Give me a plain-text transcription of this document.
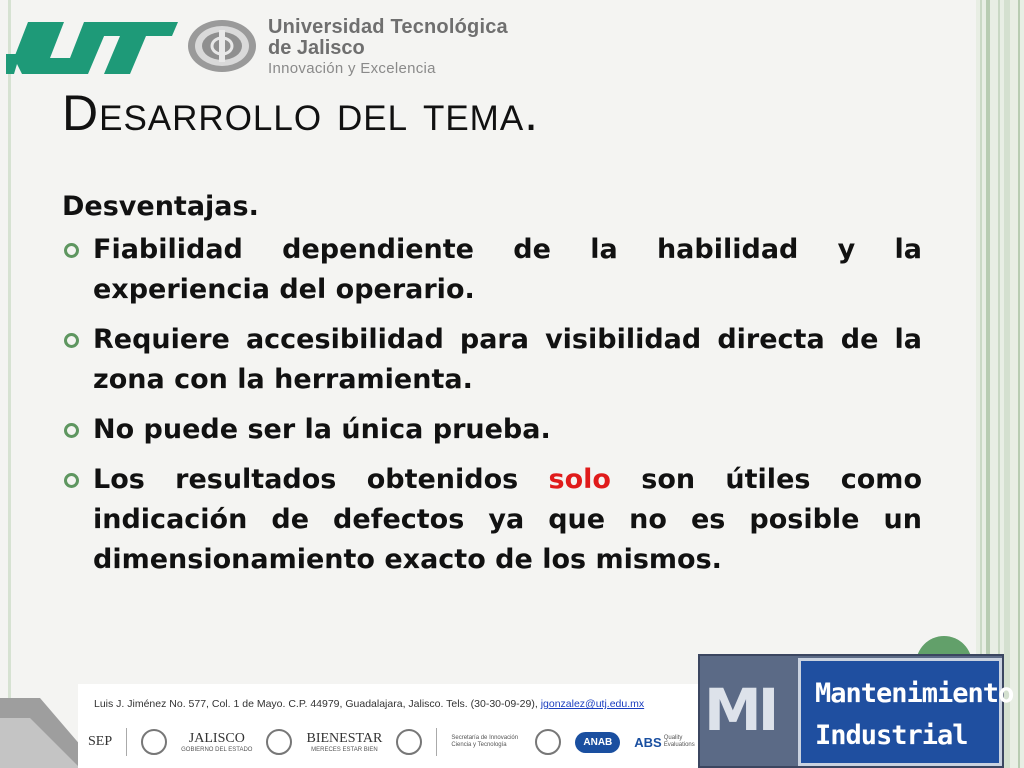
Universidad Tecnológica
de Jalisco
Innovación y Excelencia
Desarrollo del tema.
Desventajas.
Fiabilidad dependiente de la habilidad y la experiencia del operario.
Requiere accesibilidad para visibilidad directa de la zona con la herramienta.
No puede ser la única prueba.
Los resultados obtenidos solo son útiles como indicación de defectos ya que no es posible un dimensionamiento exacto de los mismos.
Luis J. Jiménez No. 577, Col. 1 de Mayo. C.P. 44979, Guadalajara, Jalisco. Tels. (30-30-09-29), jgonzalez@utj.edu.mx
SEP	JALISCO
GOBIERNO DEL ESTADO
BIENESTAR
MERECES ESTAR BIEN
Secretaría de Innovación Ciencia y Tecnología	ANAB	ABS Quality Evaluations
MI Mantenimiento
Industrial
